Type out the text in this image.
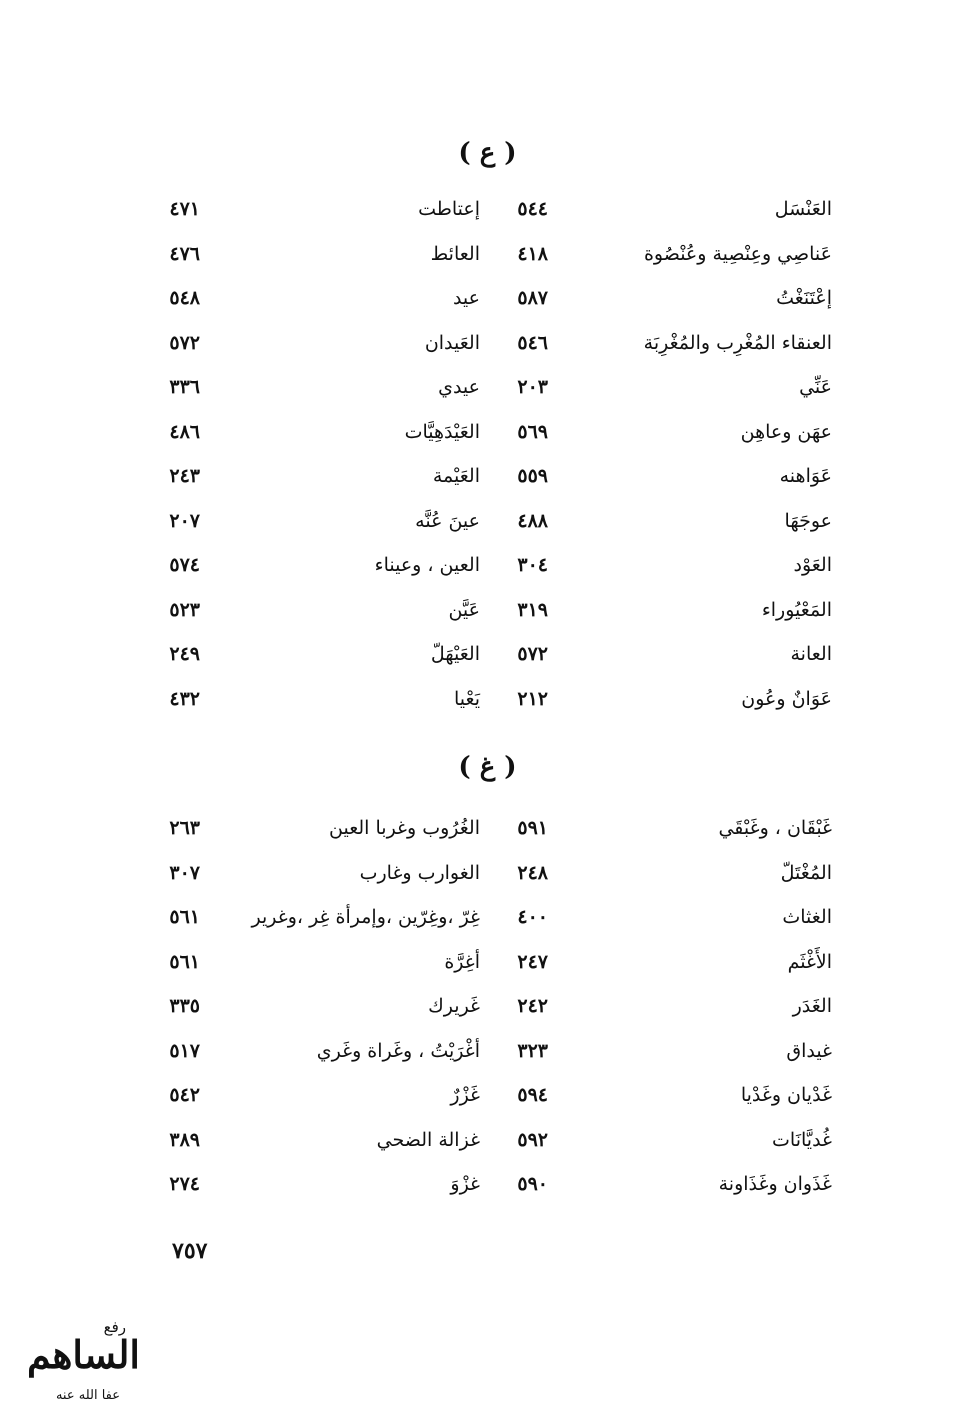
( ع )
العَنْسَل
٥٤٤
إعتاطت
٤٧١
عَناصِي وعِنْصِية وعُنْصُوة
٤١٨
العائط
٤٧٦
إعْتَنَغْتُ
٥٨٧
عيد
٥٤٨
العنقاء المُغْرِب والمُغْرِبَة
٥٤٦
العَيدان
٥٧٢
عَنِّي
٢٠٣
عيدي
٣٣٦
عهَن وعاهِن
٥٦٩
العَيْدَهِيَّات
٤٨٦
عَوَاهنه
٥٥٩
العَيْمة
٢٤٣
عوجَهَا
٤٨٨
عينَ عُنَّه
٢٠٧
العَوْد
٣٠٤
العين ، وعيناء
٥٧٤
المَعْيُوراء
٣١٩
عَيَّن
٥٢٣
العانة
٥٧٢
العَيْهَلّ
٢٤٩
عَوَانٌ وعُون
٢١٢
يَعْيا
٤٣٢
( غ )
غَبْقَان ، وغَبْقَي
٥٩١
الغُرُوب وغربا العين
٢٦٣
المُغْتَلّ
٢٤٨
الغوارب وغارب
٣٠٧
الغثاث
٤٠٠
غِرّ ،وغِرّين ،وإمرأة غِر ،وغرير
٥٦١
الأَغْثَم
٢٤٧
أغِرَّة
٥٦١
الغَدَر
٢٤٢
غَريرك
٣٣٥
غيداق
٣٢٣
أغْرَيْتُ ، وغَراة وغَري
٥١٧
غَدْيان وغَدْيا
٥٩٤
غَزْرٌ
٥٤٢
غُديَّانَات
٥٩٢
غزالة الضحي
٣٨٩
غَذَوان وغَذَاونة
٥٩٠
غزْوَ
٢٧٤
٧٥٧
رفع
الساهم
عفا الله عنه
